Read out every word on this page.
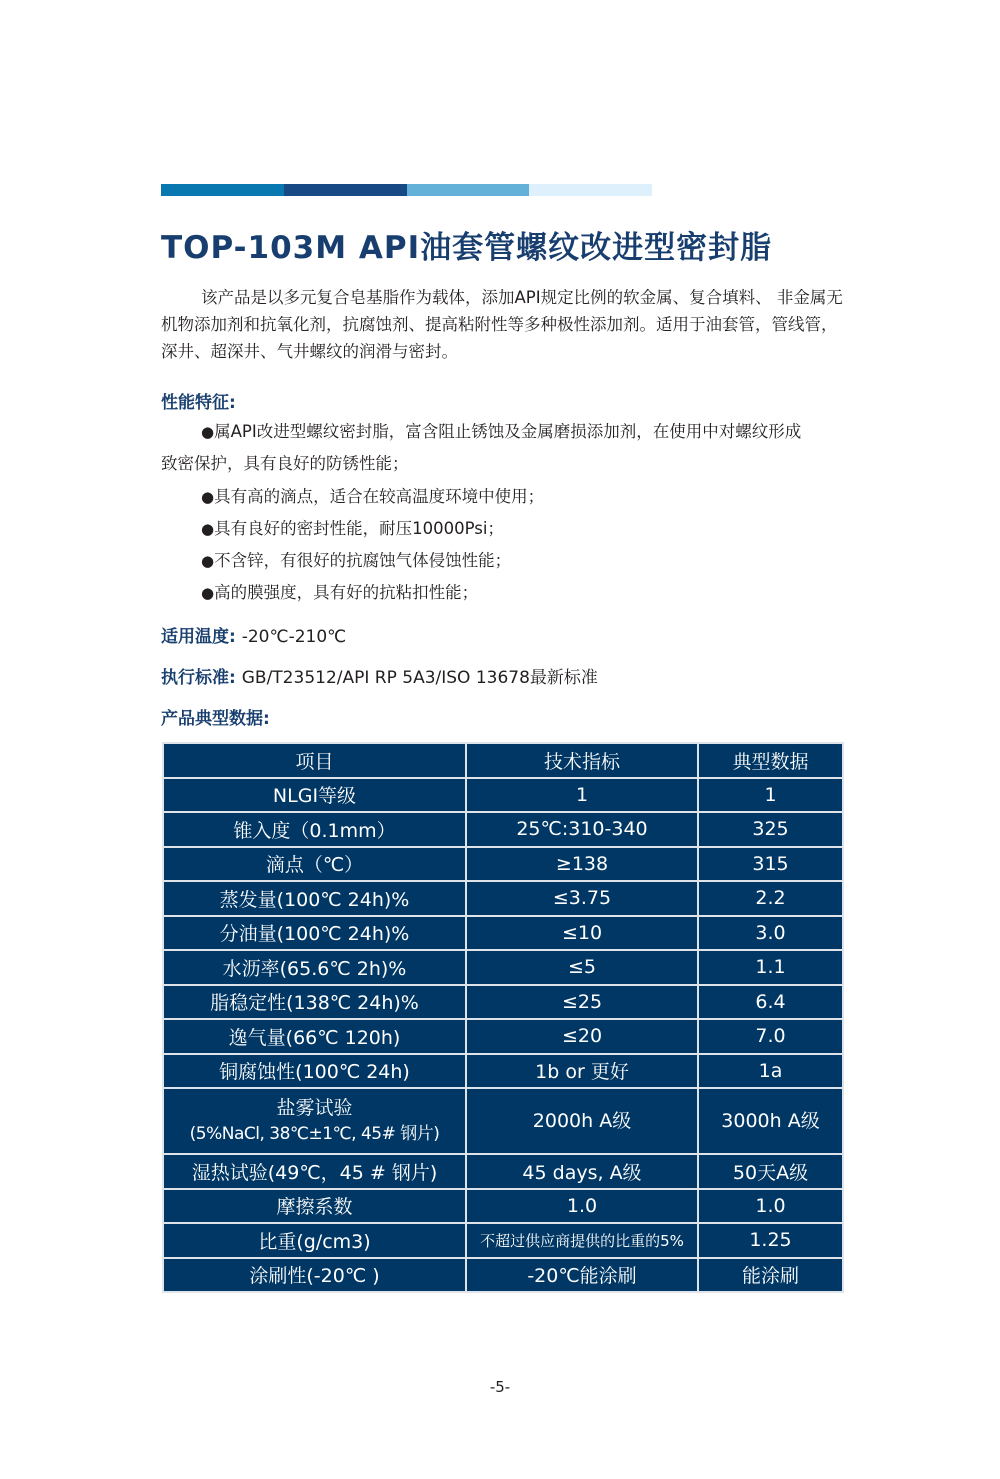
TOP-103M API油套管螺纹改进型密封脂

该产品是以多元复合皂基脂作为载体，添加API规定比例的软金属、复合填料、 非金属无机物添加剂和抗氧化剂，抗腐蚀剂、提高粘附性等多种极性添加剂。适用于油套管，管线管，深井、超深井、气井螺纹的润滑与密封。

性能特征:

●属API改进型螺纹密封脂，富含阻止锈蚀及金属磨损添加剂，在使用中对螺纹形成
致密保护，具有良好的防锈性能；
●具有高的滴点，适合在较高温度环境中使用；
●具有良好的密封性能，耐压10000Psi；
●不含锌，有很好的抗腐蚀气体侵蚀性能；
●高的膜强度，具有好的抗粘扣性能；

适用温度: -20℃-210℃

执行标准: GB/T23512/API RP 5A3/ISO 13678最新标准

产品典型数据:

项目	技术指标	典型数据
NLGI等级	1	1
锥入度（0.1mm）	25℃:310-340	325
滴点（℃）	≥138	315
蒸发量(100℃ 24h)%	≤3.75	2.2
分油量(100℃ 24h)%	≤10	3.0
水沥率(65.6℃ 2h)%	≤5	1.1
脂稳定性(138℃ 24h)%	≤25	6.4
逸气量(66℃ 120h)	≤20	7.0
铜腐蚀性(100℃ 24h)	1b or 更好	1a

盐雾试验
(5%NaCl, 38℃±1℃, 45# 钢片)	2000h A级	3000h A级
湿热试验(49℃，45 # 钢片)	45 days, A级	50天A级
摩擦系数	1.0	1.0
比重(g/cm3)	不超过供应商提供的比重的5%	1.25
涂刷性(-20℃ )	-20℃能涂刷	能涂刷

-5-
